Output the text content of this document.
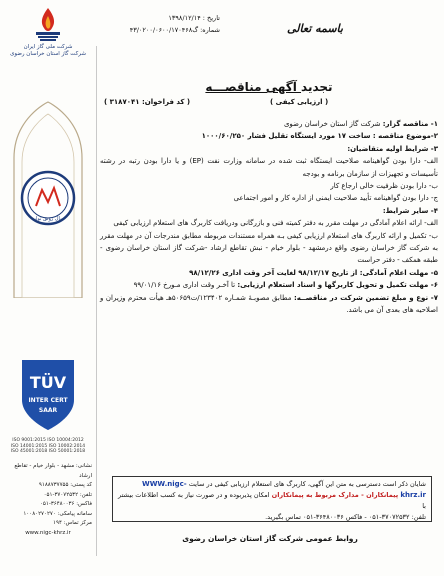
شرکت ملی گاز ایران
شرکت گاز استان خراسان رضوی
سال رونق تولید
TÜV
INTER CERT
SAAR
ISO 9001:2015 ISO 10004:2012
ISO 14001:2015 ISO 10002:2014
ISO 45001:2018 ISO 50001:2018
نشانی: مشهد - بلوار خیام - تقاطع ارشاد
کد پستی: ۹۱۸۸۷۳۷۷۵۵
تلفن: ۳۷۰۷۲۵۳۲-۰۵۱
فاکس: ۳۶۴۸۰۰۳۶-۰۵۱
سامانه پیامکی: ۱۰۰۸۰۲۷۰۲۷۰
مرکز تماس: ۱۹۴
www.nigc-khrz.ir
تاریخ : ۱۳۹۸/۱۲/۱۴
شماره: گ۴۳/۰۲۰۰/۰۶۰۰/۱۷۰۴۶۸	باسمه تعالی
تجدید آگهی مناقصـــه
( ارزیابی کیفی )
( کد فراخوان: ۳۱۸۷۰۴۱ )

۱- مناقصه گزار: شرکت گاز استان خراسان رضوی

۲-موضوع مناقصه : ساخت ۱۷ مورد ایستگاه تقلیل فشار ۱۰۰۰/۶۰/۲۵۰

۳- شرایط اولیه متقاضیان:

الف- دارا بودن گواهینامه صلاحیت ایستگاه ثبت شده در سامانه وزارت نفت (EP) و یا دارا بودن رتبه در رشته تأسیسات و تجهیزات از سازمان برنامه و بودجه

ب- دارا بودن ظرفیت خالی ارجاع کار

ج- دارا بودن گواهینامه تأیید صلاحیت ایمنی از اداره کار و امور اجتماعی

۴- سایر شرایط:

الف- ارائه اعلام آمادگی در مهلت مقرر به دفتر کمیته فنی و بازرگانی ودریافت کاربرگ های استعلام ارزیابی کیفی

ب- تکمیل و ارائه کاربرگ های استعلام ارزیابی کیفی بـه همراه مستندات مربوطه مطابق مندرجات آن در مهلت مقرر به شرکت گاز خراسان رضوی واقع درمشهد - بلوار خیام - نبش تقاطع ارشاد -شرکت گاز استان خراسان رضوی - طبقه همکف - دفتر حراست

۵- مهلت اعلام آمادگی: از تاریخ ۹۸/۱۲/۱۷ لغایت آخر وقت اداری ۹۸/۱۲/۲۶

۶- مهلت تکمیل و تحویل کاربرگها و اسناد استعلام ارزیابی: تا آخـر وقت اداری مـورخ ۹۹/۰۱/۱۶

۷- نوع و مبلغ تضمین شرکت در مناقصــه: مطابق مصوبـۀ شمـاره ۱۲۳۴۰۲/ت۵۰۶۵۹هـ هیأت محترم وزیران و اصلاحیه های بعدی آن می باشد.

شایان ذکر است دسترسی به متن این آگهی، کاربرگ های استعلام ارزیابی کیفی در سایت WWW.nigc-
khrz.ir پیمانکاران - مدارک مربوط به پیمانکاران امکان پذیربوده و در صورت نیاز به کسب اطلاعات بیشتر با
تلفن: ۳۷۰۷۲۵۳۲-۰۵۱ - فاکس ۳۶۴۸۰۰۳۶-۰۵۱ تماس بگیرید.
روابط عمومی شرکت گاز استان خراسان رضوی
